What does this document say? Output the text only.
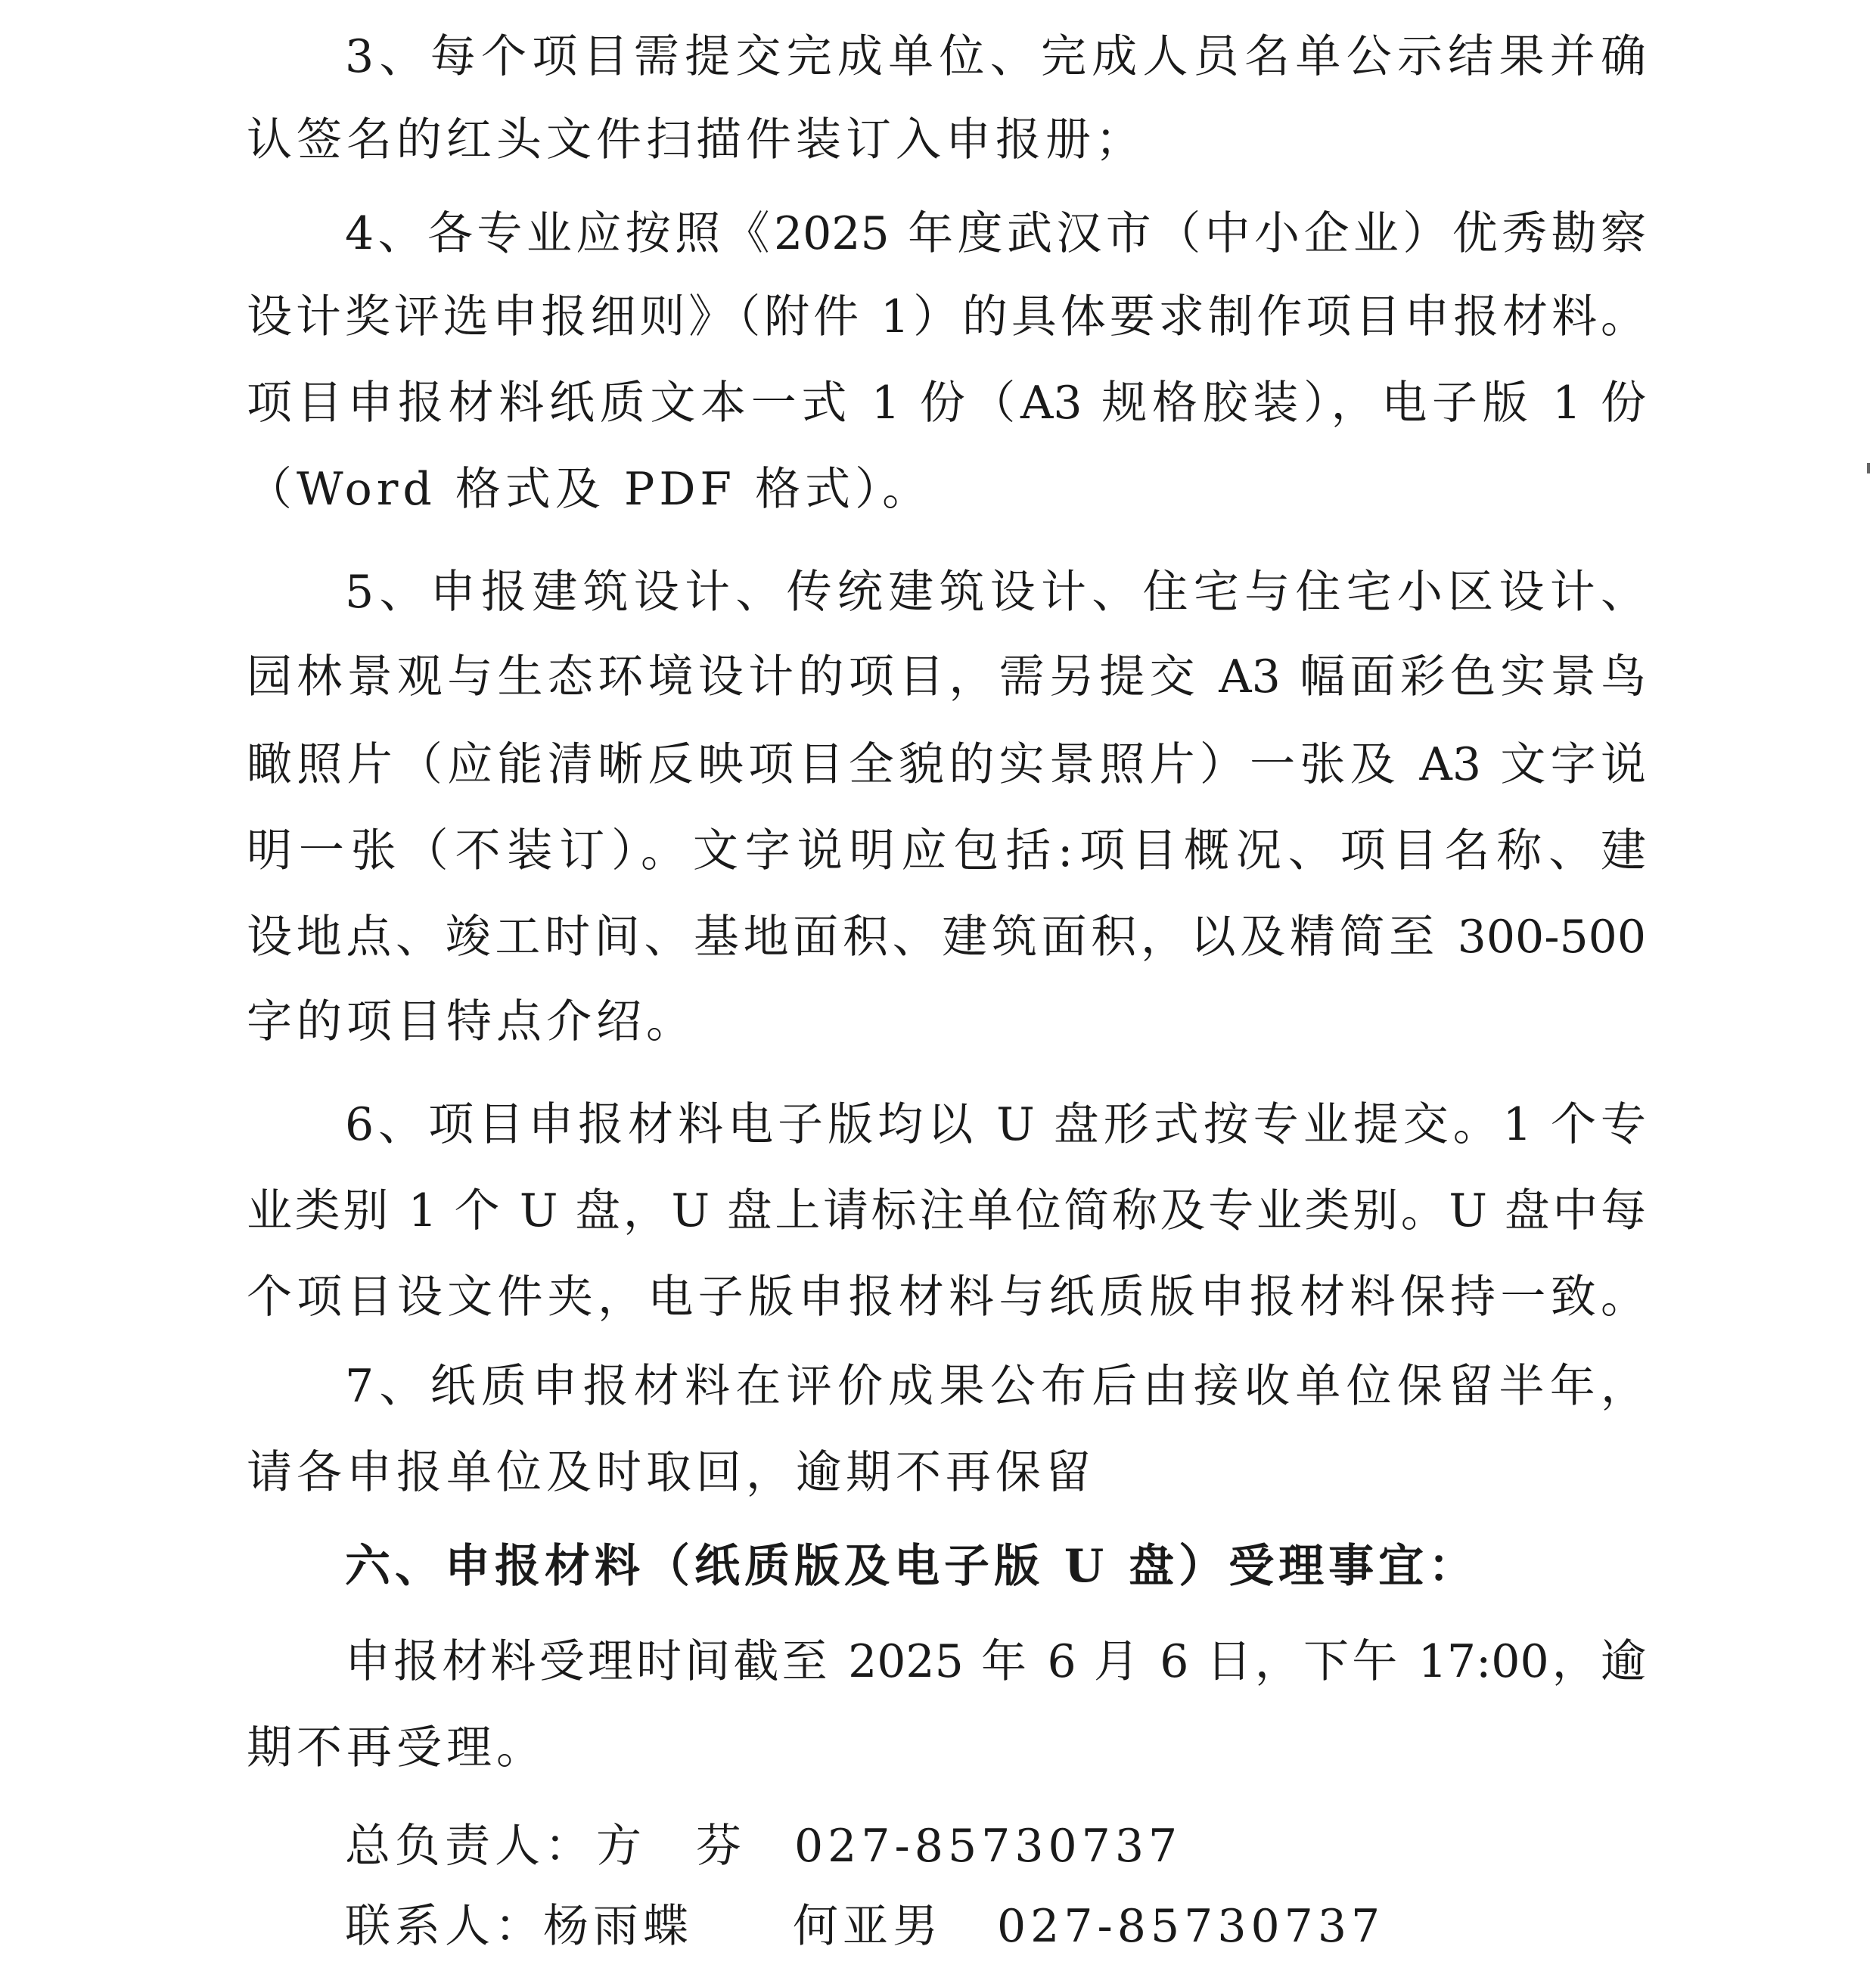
3、每个项目需提交完成单位、完成人员名单公示结果并确
认签名的红头文件扫描件装订入申报册；
4、各专业应按照《2025 年度武汉市（中小企业）优秀勘察
设计奖评选申报细则》（附件 1）的具体要求制作项目申报材料。
项目申报材料纸质文本一式 1 份（A3 规格胶装），电子版 1 份
（Word 格式及 PDF 格式）。
5、申报建筑设计、传统建筑设计、住宅与住宅小区设计、
园林景观与生态环境设计的项目，需另提交 A3 幅面彩色实景鸟
瞰照片（应能清晰反映项目全貌的实景照片）一张及 A3 文字说
明一张（不装订）。文字说明应包括:项目概况、项目名称、建
设地点、竣工时间、基地面积、建筑面积，以及精简至 300-500
字的项目特点介绍。
6、项目申报材料电子版均以 U 盘形式按专业提交。1 个专
业类别 1 个 U 盘，U 盘上请标注单位简称及专业类别。U 盘中每
个项目设文件夹，电子版申报材料与纸质版申报材料保持一致。
7、纸质申报材料在评价成果公布后由接收单位保留半年，
请各申报单位及时取回，逾期不再保留
六、申报材料（纸质版及电子版 U 盘）受理事宜：
申报材料受理时间截至 2025 年 6 月 6 日，下午 17:00，逾
期不再受理。
总负责人： 方　芬 027-85730737
联系人：
杨雨蝶　　何亚男 027-85730737
